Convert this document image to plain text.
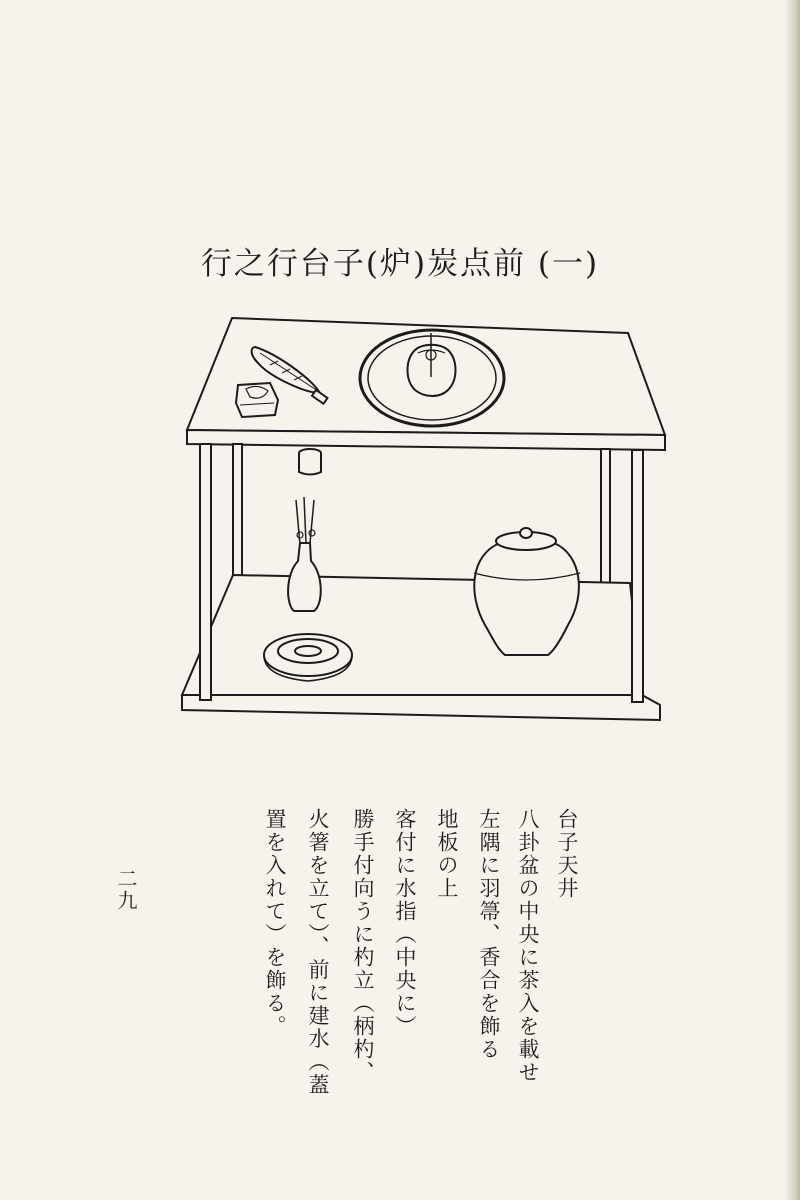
行之行台子(炉)炭点前 (一)
台子天井
八卦盆の中央に茶入を載せ
左隅に羽箒、香合を飾る
地板の上
客付に水指（中央に）
勝手付向うに杓立（柄杓、
火箸を立て）、前に建水（蓋
置を入れて）を飾る。
二九
